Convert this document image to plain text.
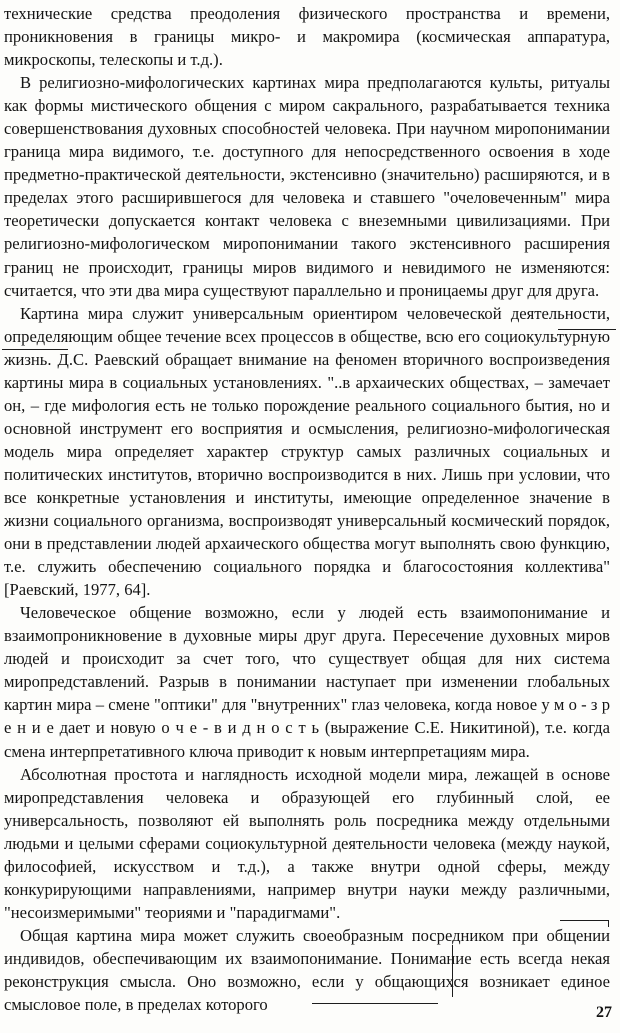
технические средства преодоления физического пространства и времени, проникновения в границы микро- и макромира (космическая аппаратура, микроскопы, телескопы и т.д.).

В религиозно-мифологических картинах мира предполагаются культы, ритуалы как формы мистического общения с миром сакрального, разрабатывается техника совершенствования духовных способностей человека. При научном миропонимании граница мира видимого, т.е. доступного для непосредственного освоения в ходе предметно-практической деятельности, экстенсивно (значительно) расширяются, и в пределах этого расширившегося для человека и ставшего "очеловеченным" мира теоретически допускается контакт человека с внеземными цивилизациями. При религиозно-мифологическом миропонимании такого экстенсивного расширения границ не происходит, границы миров видимого и невидимого не изменяются: считается, что эти два мира существуют параллельно и проницаемы друг для друга.

Картина мира служит универсальным ориентиром человеческой деятельности, определяющим общее течение всех процессов в обществе, всю его социокультурную жизнь. Д.С. Раевский обращает внимание на феномен вторичного воспроизведения картины мира в социальных установлениях. "..в архаических обществах, – замечает он, – где мифология есть не только порождение реального социального бытия, но и основной инструмент его восприятия и осмысления, религиозно-мифологическая модель мира определяет характер структур самых различных социальных и политических институтов, вторично воспроизводится в них. Лишь при условии, что все конкретные установления и институты, имеющие определенное значение в жизни социального организма, воспроизводят универсальный космический порядок, они в представлении людей архаического общества могут выполнять свою функцию, т.е. служить обеспечению социального порядка и благосостояния коллектива" [Раевский, 1977, 64].

Человеческое общение возможно, если у людей есть взаимопонимание и взаимопроникновение в духовные миры друг друга. Пересечение духовных миров людей и происходит за счет того, что существует общая для них система миропредставлений. Разрыв в понимании наступает при изменении глобальных картин мира – смене "оптики" для "внутренних" глаз человека, когда новое у м о - з р е н и е дает и новую о ч е - в и д н о с т ь (выражение С.Е. Никитиной), т.е. когда смена интерпретативного ключа приводит к новым интерпретациям мира.

Абсолютная простота и наглядность исходной модели мира, лежащей в основе миропредставления человека и образующей его глубинный слой, ее универсальность, позволяют ей выполнять роль посредника между отдельными людьми и целыми сферами социокультурной деятельности человека (между наукой, философией, искусством и т.д.), а также внутри одной сферы, между конкурирующими направлениями, например внутри науки между различными, "несоизмеримыми" теориями и "парадигмами".

Общая картина мира может служить своеобразным посредником при общении индивидов, обеспечивающим их взаимопонимание. Понимание есть всегда некая реконструкция смысла. Оно возможно, если у общающихся возникает единое смысловое поле, в пределах которого	27
